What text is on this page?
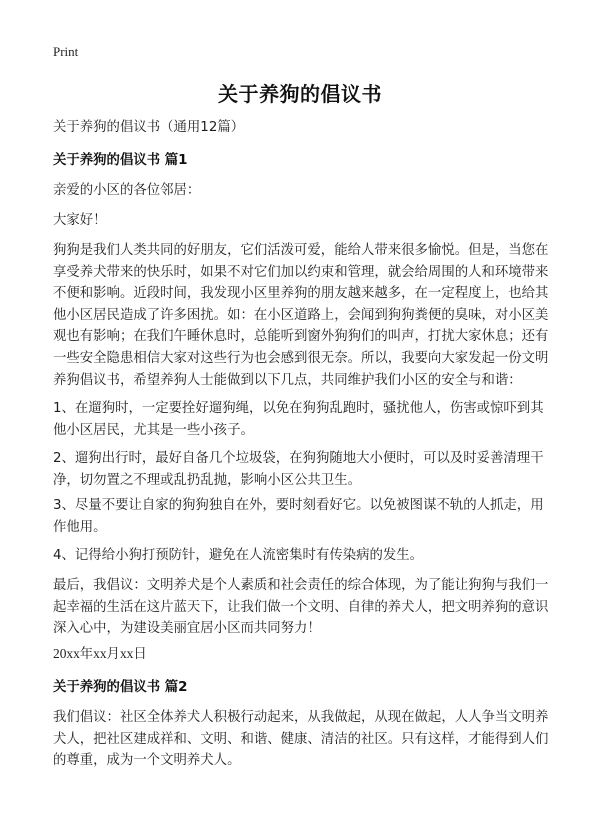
Print
关于养狗的倡议书
关于养狗的倡议书（通用12篇）
关于养狗的倡议书 篇1
亲爱的小区的各位邻居：
大家好！
狗狗是我们人类共同的好朋友，它们活泼可爱，能给人带来很多愉悦。但是，当您在享受养犬带来的快乐时，如果不对它们加以约束和管理，就会给周围的人和环境带来不便和影响。近段时间，我发现小区里养狗的朋友越来越多，在一定程度上，也给其他小区居民造成了许多困扰。如：在小区道路上，会闻到狗狗粪便的臭味，对小区美观也有影响；在我们午睡休息时，总能听到窗外狗狗们的叫声，打扰大家休息；还有一些安全隐患相信大家对这些行为也会感到很无奈。所以，我要向大家发起一份文明养狗倡议书，希望养狗人士能做到以下几点，共同维护我们小区的安全与和谐：
1、在遛狗时，一定要拴好遛狗绳，以免在狗狗乱跑时，骚扰他人，伤害或惊吓到其他小区居民，尤其是一些小孩子。
2、遛狗出行时，最好自备几个垃圾袋，在狗狗随地大小便时，可以及时妥善清理干净，切勿置之不理或乱扔乱抛，影响小区公共卫生。
3、尽量不要让自家的狗狗独自在外，要时刻看好它。以免被图谋不轨的人抓走，用作他用。
4、记得给小狗打预防针，避免在人流密集时有传染病的发生。
最后，我倡议：文明养犬是个人素质和社会责任的综合体现，为了能让狗狗与我们一起幸福的生活在这片蓝天下，让我们做一个文明、自律的养犬人，把文明养狗的意识深入心中，为建设美丽宜居小区而共同努力！
20xx年xx月xx日
关于养狗的倡议书 篇2
我们倡议：社区全体养犬人积极行动起来，从我做起，从现在做起，人人争当文明养犬人，把社区建成祥和、文明、和谐、健康、清洁的社区。只有这样，才能得到人们的尊重，成为一个文明养犬人。
